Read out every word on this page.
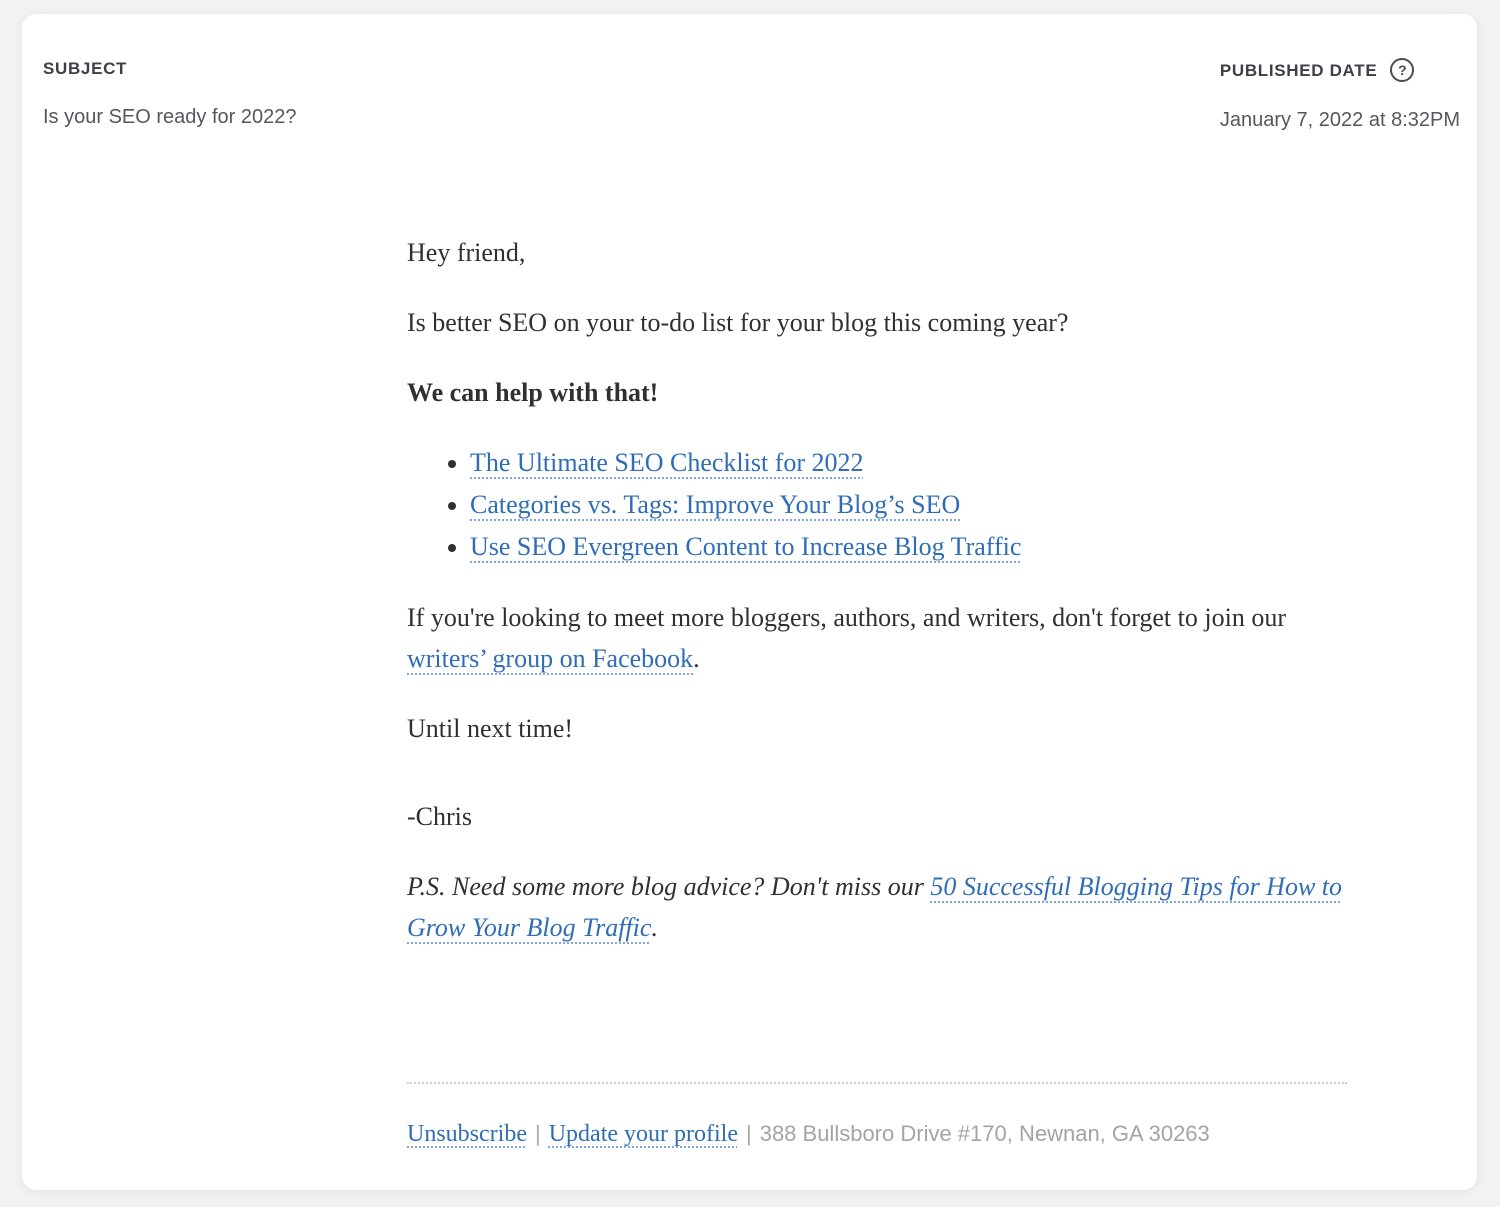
SUBJECT
Is your SEO ready for 2022?
PUBLISHED DATE	?
January 7, 2022 at 8:32PM

Hey friend,

Is better SEO on your to-do list for your blog this coming year?

We can help with that!

• The Ultimate SEO Checklist for 2022
• Categories vs. Tags: Improve Your Blog’s SEO
• Use SEO Evergreen Content to Increase Blog Traffic

If you're looking to meet more bloggers, authors, and writers, don't forget to join our writers’ group on Facebook.

Until next time!

-Chris

P.S. Need some more blog advice? Don't miss our 50 Successful Blogging Tips for How to Grow Your Blog Traffic.

Unsubscribe | Update your profile | 388 Bullsboro Drive #170, Newnan, GA 30263
